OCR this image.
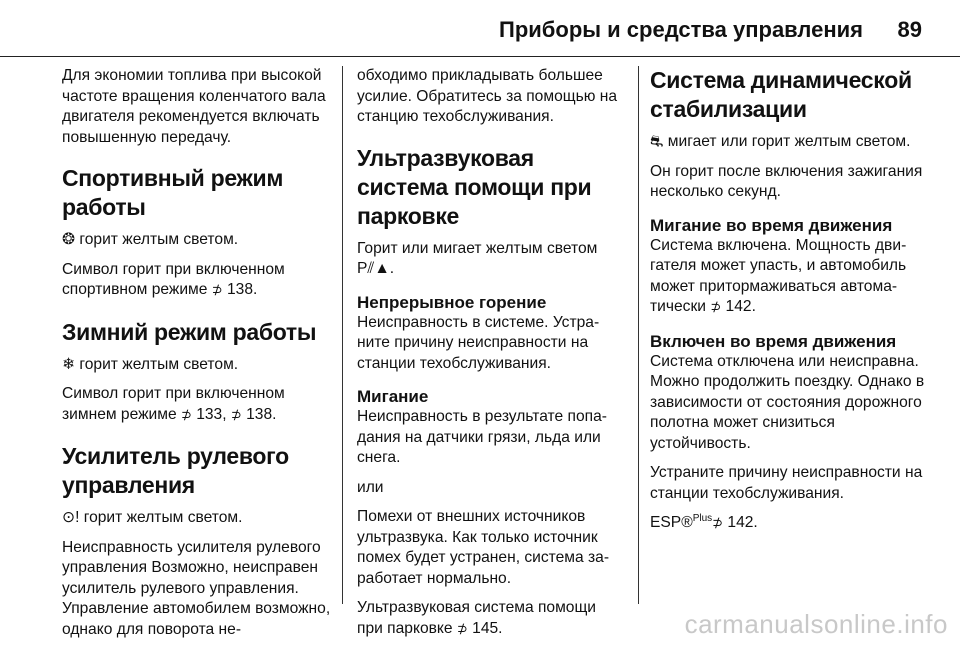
Приборы и средства управления 89

Для экономии топлива при высокой частоте вращения коленчатого вала двигателя рекомендуется включать повышенную передачу.

Спортивный режим работы

❂ горит желтым светом.

Символ горит при включенном спортивном режиме ⊅ 138.

Зимний режим работы

❄ горит желтым светом.

Символ горит при включенном зимнем режиме ⊅ 133, ⊅ 138.

Усилитель рулевого управления

⊙! горит желтым светом.

Неисправность усилителя рулевого управления Возможно, неисправен усилитель рулевого управления. Управление автомобилем возможно, однако для поворота не-

обходимо прикладывать большее усилие. Обратитесь за помощью на станцию техобслуживания.

Ультразвуковая система помощи при парковке

Горит или мигает желтым светом P⫽▲.

Непрерывное горение

Неисправность в системе. Устраните причину неисправности на станции техобслуживания.

Мигание

Неисправность в результате попадания на датчики грязи, льда или снега.

или

Помехи от внешних источников ультразвука. Как только источник помех будет устранен, система заработает нормально.

Ультразвуковая система помощи при парковке ⊅ 145.

Система динамической стабилизации

⛐ мигает или горит желтым светом.

Он горит после включения зажигания несколько секунд.

Мигание во время движения

Система включена. Мощность двигателя может упасть, и автомобиль может притормаживаться автоматически ⊅ 142.

Включен во время движения

Система отключена или неисправна. Можно продолжить поездку. Однако в зависимости от состояния дорожного полотна может снизиться устойчивость.

Устраните причину неисправности на станции техобслуживания.

ESP®$^{Plus}$⊅ 142.

carmanualsonline.info
